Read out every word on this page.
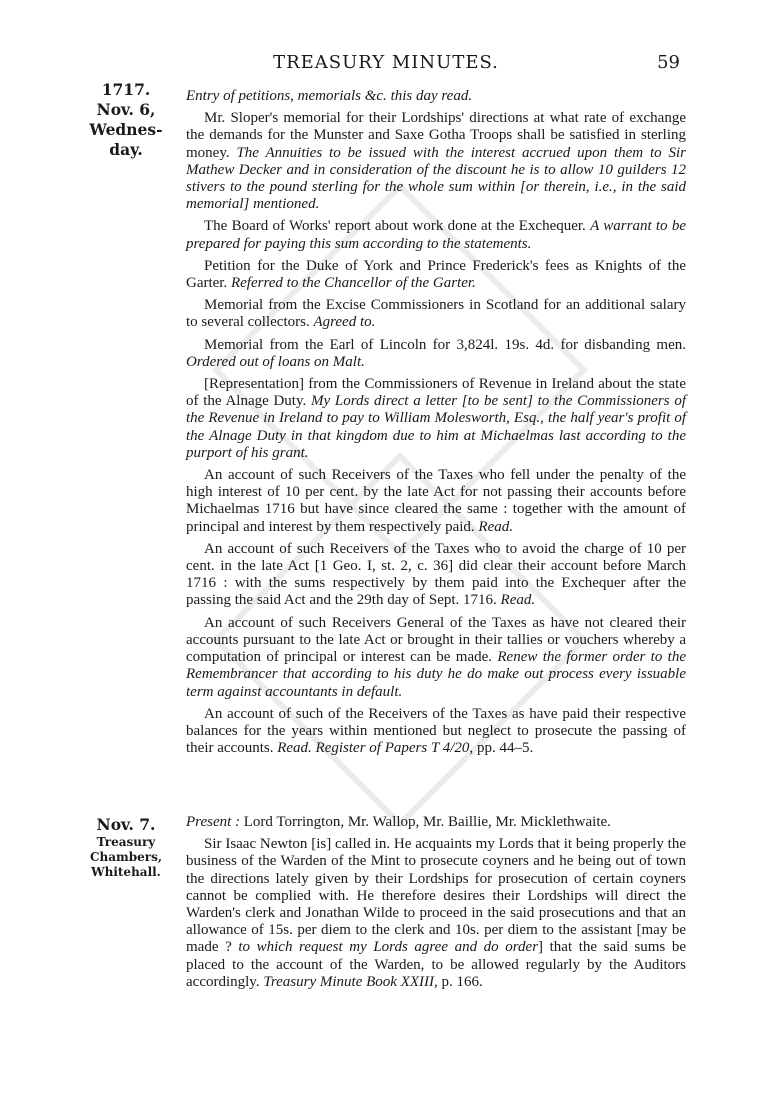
TREASURY MINUTES.	59
1717.
Nov. 6,
Wednes-
day.

Entry of petitions, memorials &c. this day read.

Mr. Sloper's memorial for their Lordships' directions at what rate of exchange the demands for the Munster and Saxe Gotha Troops shall be satisfied in sterling money. The Annuities to be issued with the interest accrued upon them to Sir Mathew Decker and in consideration of the discount he is to allow 10 guilders 12 stivers to the pound sterling for the whole sum within [or therein, i.e., in the said memorial] mentioned.

The Board of Works' report about work done at the Exchequer. A warrant to be prepared for paying this sum according to the statements.

Petition for the Duke of York and Prince Frederick's fees as Knights of the Garter. Referred to the Chancellor of the Garter.

Memorial from the Excise Commissioners in Scotland for an additional salary to several collectors. Agreed to.

Memorial from the Earl of Lincoln for 3,824l. 19s. 4d. for disbanding men. Ordered out of loans on Malt.

[Representation] from the Commissioners of Revenue in Ireland about the state of the Alnage Duty. My Lords direct a letter [to be sent] to the Commissioners of the Revenue in Ireland to pay to William Molesworth, Esq., the half year's profit of the Alnage Duty in that kingdom due to him at Michaelmas last according to the purport of his grant.

An account of such Receivers of the Taxes who fell under the penalty of the high interest of 10 per cent. by the late Act for not passing their accounts before Michaelmas 1716 but have since cleared the same : together with the amount of principal and interest by them respectively paid. Read.

An account of such Receivers of the Taxes who to avoid the charge of 10 per cent. in the late Act [1 Geo. I, st. 2, c. 36] did clear their account before March 1716 : with the sums respectively by them paid into the Exchequer after the passing the said Act and the 29th day of Sept. 1716. Read.

An account of such Receivers General of the Taxes as have not cleared their accounts pursuant to the late Act or brought in their tallies or vouchers whereby a computation of principal or interest can be made. Renew the former order to the Remembrancer that according to his duty he do make out process every issuable term against accountants in default.

An account of such of the Receivers of the Taxes as have paid their respective balances for the years within mentioned but neglect to prosecute the passing of their accounts. Read. Register of Papers T 4/20, pp. 44–5.

Nov. 7.
Treasury
Chambers,
Whitehall.

Present : Lord Torrington, Mr. Wallop, Mr. Baillie, Mr. Micklethwaite.

Sir Isaac Newton [is] called in. He acquaints my Lords that it being properly the business of the Warden of the Mint to prosecute coyners and he being out of town the directions lately given by their Lordships for prosecution of certain coyners cannot be complied with. He therefore desires their Lordships will direct the Warden's clerk and Jonathan Wilde to proceed in the said prosecutions and that an allowance of 15s. per diem to the clerk and 10s. per diem to the assistant [may be made ? to which request my Lords agree and do order] that the said sums be placed to the account of the Warden, to be allowed regularly by the Auditors accordingly. Treasury Minute Book XXIII, p. 166.
